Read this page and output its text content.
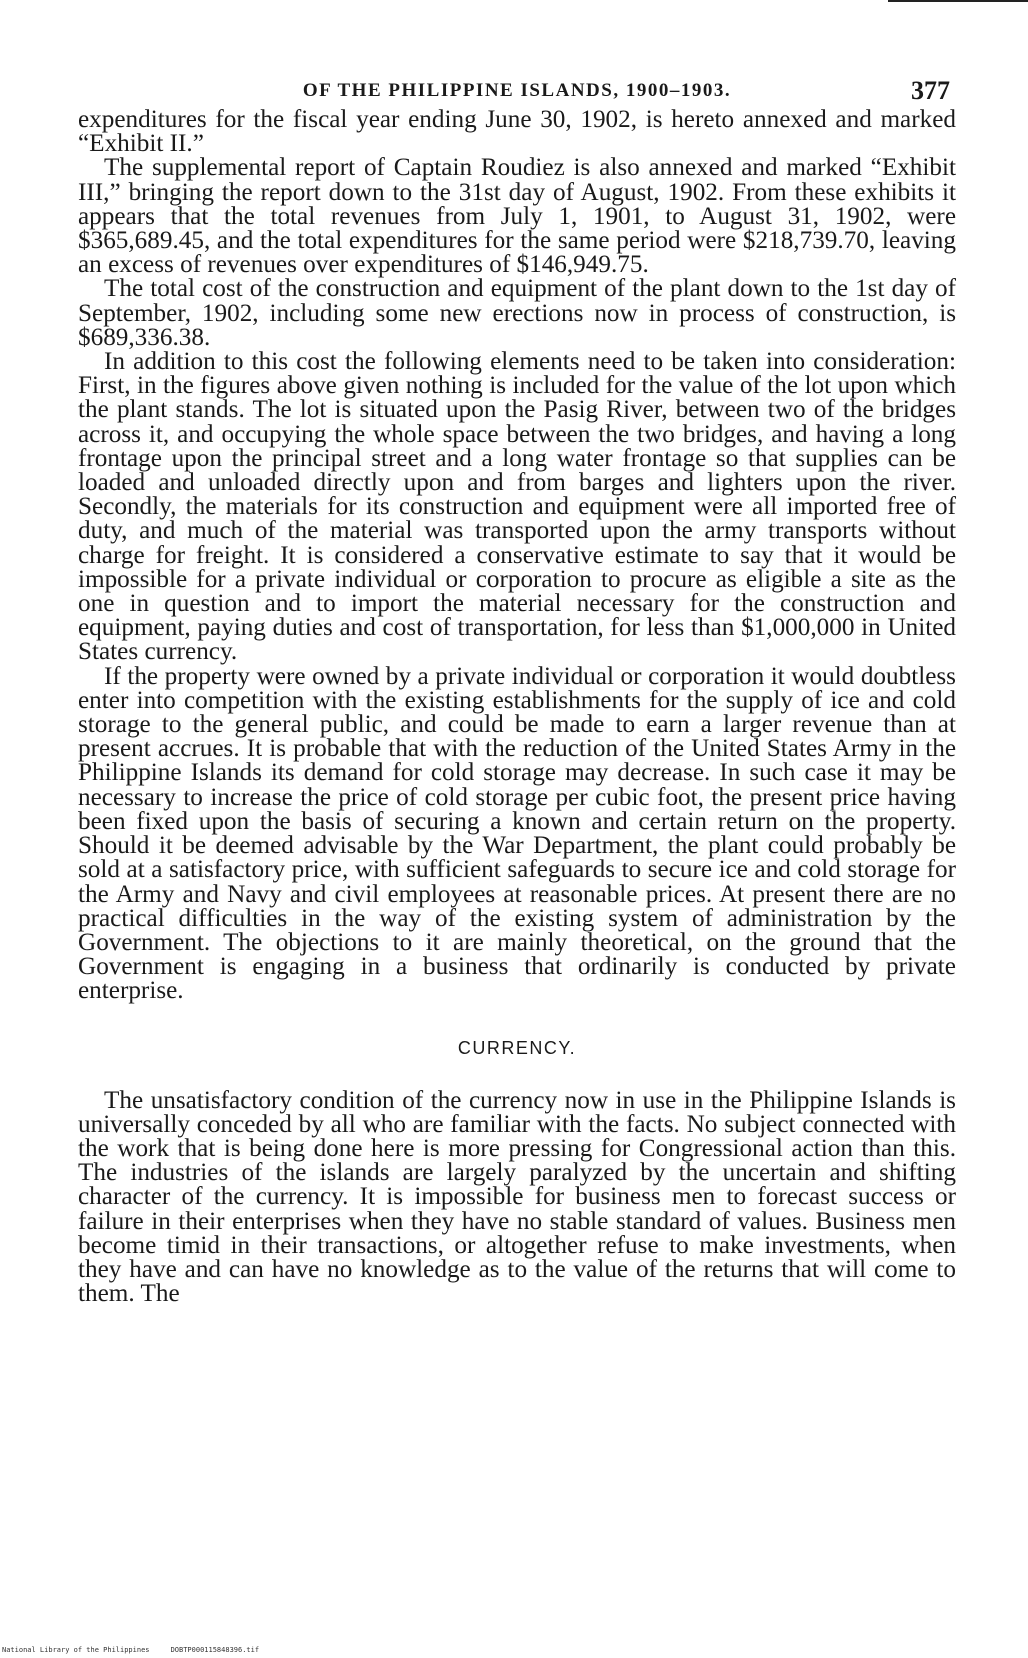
OF THE PHILIPPINE ISLANDS, 1900–1903.	377

expenditures for the fiscal year ending June 30, 1902, is hereto annexed and marked “Exhibit II.”

The supplemental report of Captain Roudiez is also annexed and marked “Exhibit III,” bringing the report down to the 31st day of August, 1902. From these exhibits it appears that the total revenues from July 1, 1901, to August 31, 1902, were $365,689.45, and the total expenditures for the same period were $218,739.70, leaving an excess of revenues over expenditures of $146,949.75.

The total cost of the construction and equipment of the plant down to the 1st day of September, 1902, including some new erections now in process of construction, is $689,336.38.

In addition to this cost the following elements need to be taken into consideration: First, in the figures above given nothing is included for the value of the lot upon which the plant stands. The lot is situated upon the Pasig River, between two of the bridges across it, and occupying the whole space between the two bridges, and having a long frontage upon the principal street and a long water frontage so that supplies can be loaded and unloaded directly upon and from barges and lighters upon the river. Secondly, the materials for its construction and equipment were all imported free of duty, and much of the material was transported upon the army transports without charge for freight. It is considered a conservative estimate to say that it would be impossible for a private individual or corporation to procure as eligible a site as the one in question and to import the material necessary for the construction and equipment, paying duties and cost of transportation, for less than $1,000,000 in United States currency.

If the property were owned by a private individual or corporation it would doubtless enter into competition with the existing establishments for the supply of ice and cold storage to the general public, and could be made to earn a larger revenue than at present accrues. It is probable that with the reduction of the United States Army in the Philippine Islands its demand for cold storage may decrease. In such case it may be necessary to increase the price of cold storage per cubic foot, the present price having been fixed upon the basis of securing a known and certain return on the property. Should it be deemed advisable by the War Department, the plant could probably be sold at a satisfactory price, with sufficient safeguards to secure ice and cold storage for the Army and Navy and civil employees at reasonable prices. At present there are no practical difficulties in the way of the existing system of administration by the Government. The objections to it are mainly theoretical, on the ground that the Government is engaging in a business that ordinarily is conducted by private enterprise.

CURRENCY.

The unsatisfactory condition of the currency now in use in the Philippine Islands is universally conceded by all who are familiar with the facts. No subject connected with the work that is being done here is more pressing for Congressional action than this. The industries of the islands are largely paralyzed by the uncertain and shifting character of the currency. It is impossible for business men to forecast success or failure in their enterprises when they have no stable standard of values. Business men become timid in their transactions, or altogether refuse to make investments, when they have and can have no knowledge as to the value of the returns that will come to them. The

National Library of the Philippines     DOBTP000115848396.tif
